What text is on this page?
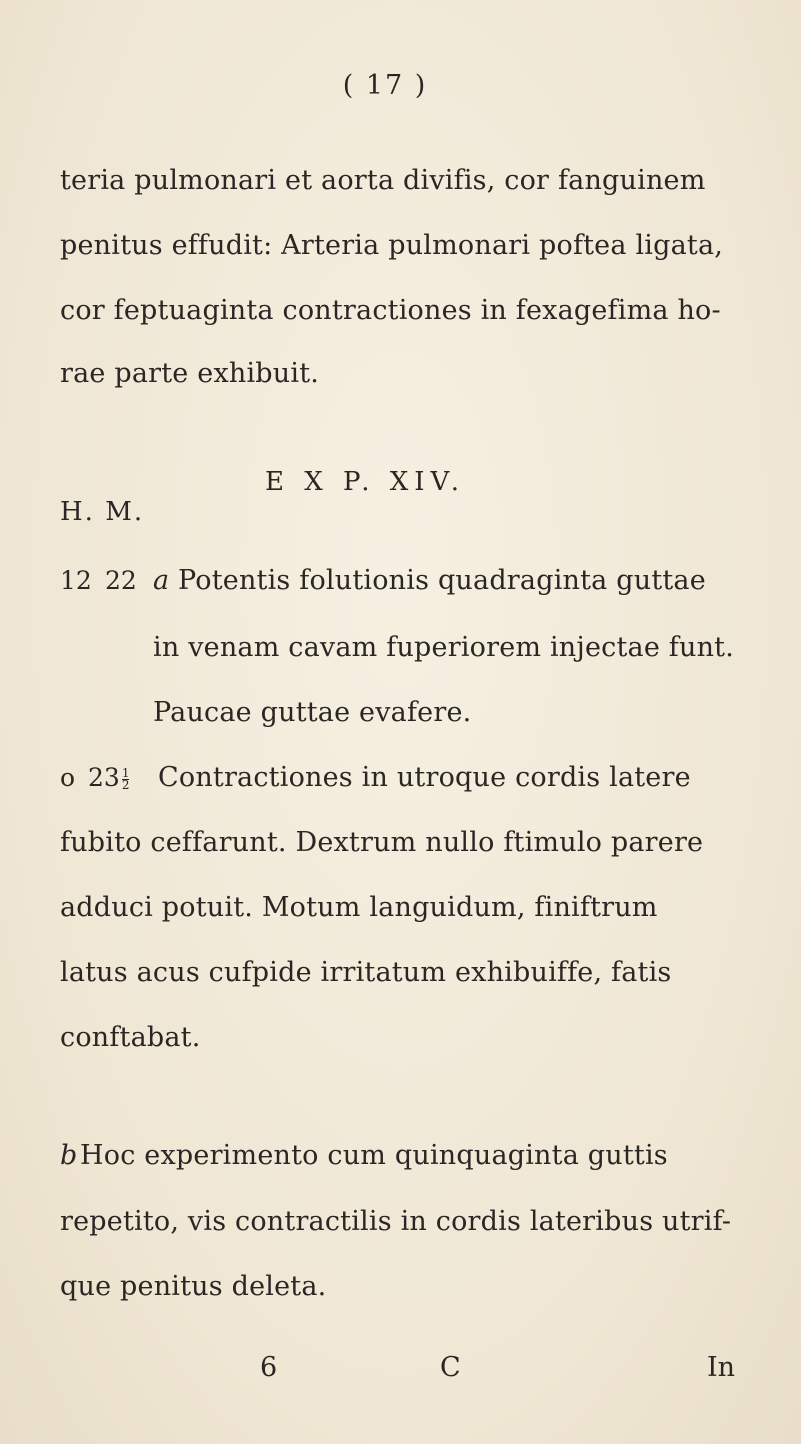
( 17 )
teria pulmonari et aorta divifis, cor fanguinem
penitus effudit: Arteria pulmonari poftea ligata,
cor feptuaginta contractiones in fexagefima ho-
rae parte exhibuit.
E X P. XIV.
H. M.
12 22 a Potentis folutionis quadraginta guttae
in venam cavam fuperiorem injectae funt.
Paucae guttae evafere.
o $23 \frac{1}{2}$ Contractiones in utroque cordis latere
fubito ceffarunt. Dextrum nullo ftimulo parere
adduci potuit. Motum languidum, finiftrum
latus acus cufpide irritatum exhibuiffe, fatis
conftabat.
b Hoc experimento cum quinquaginta guttis
repetito, vis contractilis in cordis lateribus utrif-
que penitus deleta.
6	C	In
